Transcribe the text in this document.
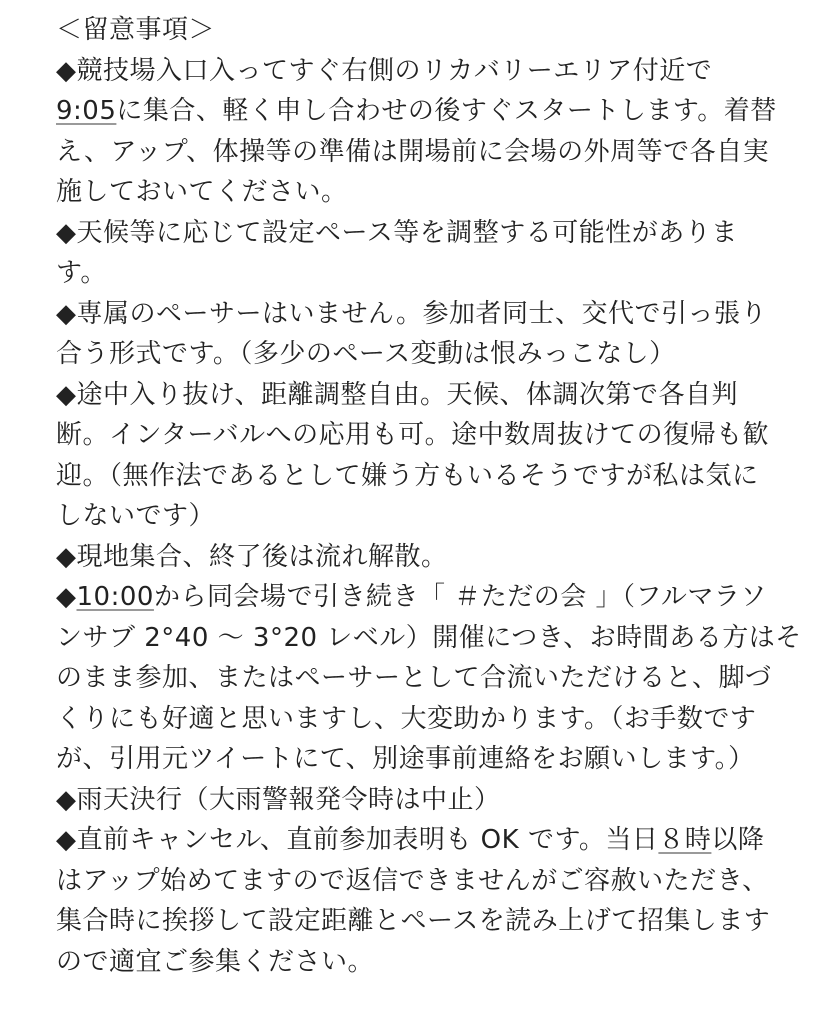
＜留意事項＞
◆競技場入口入ってすぐ右側のリカバリーエリア付近で
9:05に集合、軽く申し合わせの後すぐスタートします。着替
え、アップ、体操等の準備は開場前に会場の外周等で各自実
施しておいてください。
◆天候等に応じて設定ペース等を調整する可能性がありま
す。
◆専属のペーサーはいません。参加者同士、交代で引っ張り
合う形式です。（多少のペース変動は恨みっこなし）
◆途中入り抜け、距離調整自由。天候、体調次第で各自判
断。インターバルへの応用も可。途中数周抜けての復帰も歓
迎。（無作法であるとして嫌う方もいるそうですが私は気に
しないです）
◆現地集合、終了後は流れ解散。
◆10:00から同会場で引き続き「 ＃ただの会 」（フルマラソ
ンサブ 2°40 ～ 3°20 レベル）開催につき、お時間ある方はそ
のまま参加、またはペーサーとして合流いただけると、脚づ
くりにも好適と思いますし、大変助かります。（お手数です
が、引用元ツイートにて、別途事前連絡をお願いします。）
◆雨天決行（大雨警報発令時は中止）
◆直前キャンセル、直前参加表明も OK です。当日８時以降
はアップ始めてますので返信できませんがご容赦いただき、
集合時に挨拶して設定距離とペースを読み上げて招集します
ので適宜ご参集ください。
